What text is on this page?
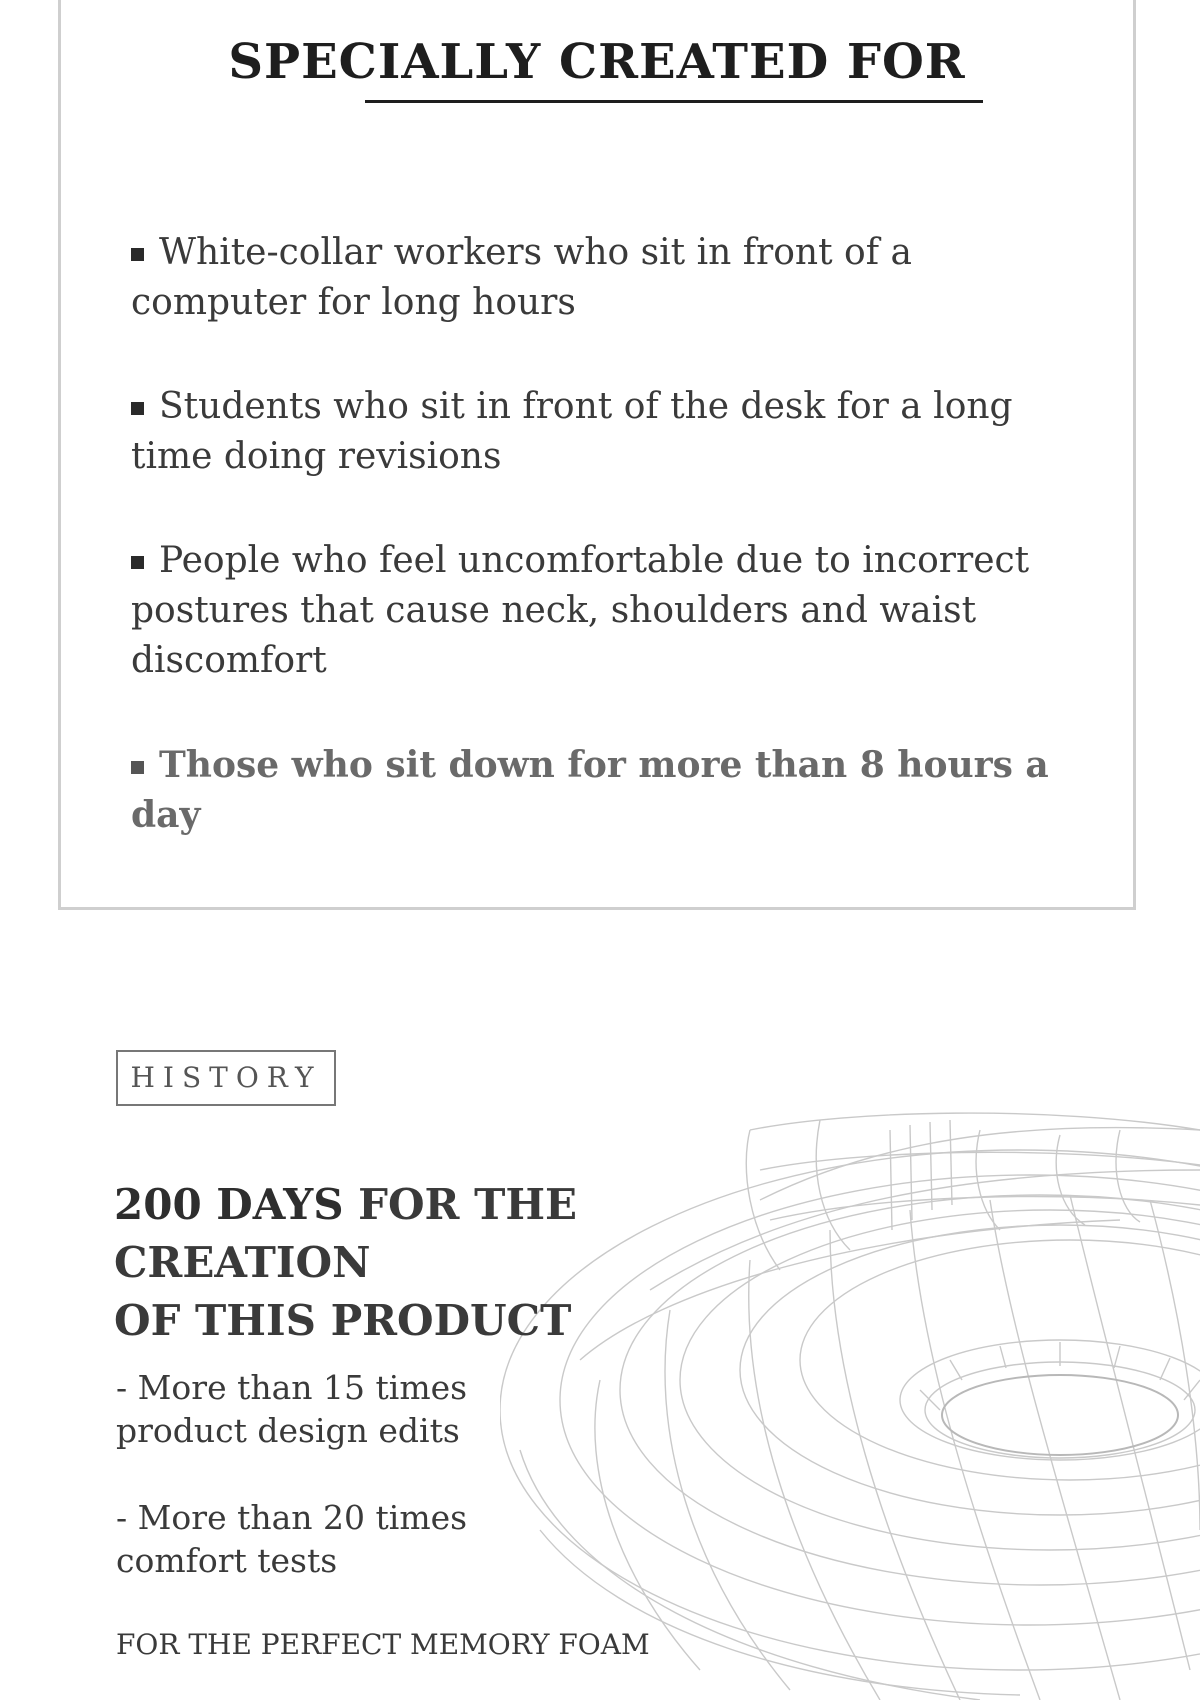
SPECIALLY CREATED FOR

White-collar workers who sit in front of a computer for long hours

Students who sit in front of the desk for a long time doing revisions

People who feel uncomfortable due to incorrect postures that cause neck, shoulders and waist discomfort

Those who sit down for more than 8 hours a day

HISTORY
200 DAYS FOR THE CREATION
OF THIS PRODUCT

- More than 15 times
product design edits

- More than 20 times
comfort tests

FOR THE PERFECT MEMORY FOAM
